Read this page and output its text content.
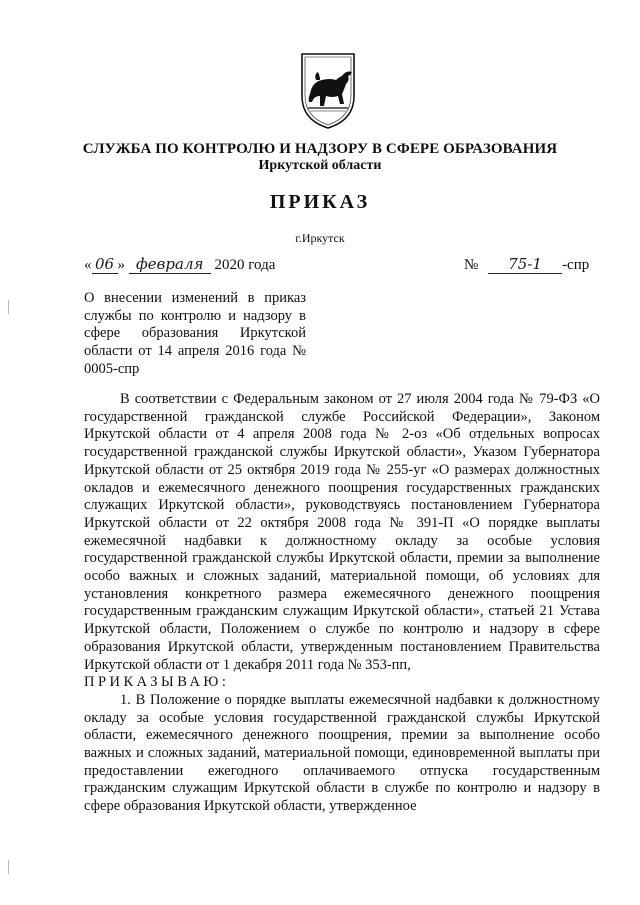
СЛУЖБА ПО КОНТРОЛЮ И НАДЗОРУ В СФЕРЕ ОБРАЗОВАНИЯ
Иркутской области
ПРИКАЗ
г.Иркутск
« 06 » февраля 2020 года	№ 75-1 -спр
О внесении изменений в приказ службы по контролю и надзору в сфере образования Иркутской области от 14 апреля 2016 года № 0005-спр

В соответствии с Федеральным законом от 27 июля 2004 года № 79-ФЗ «О государственной гражданской службе Российской Федерации», Законом Иркутской области от 4 апреля 2008 года № 2-оз «Об отдельных вопросах государственной гражданской службы Иркутской области», Указом Губернатора Иркутской области от 25 октября 2019 года № 255-уг «О размерах должностных окладов и ежемесячного денежного поощрения государственных гражданских служащих Иркутской области», руководствуясь постановлением Губернатора Иркутской области от 22 октября 2008 года № 391-П «О порядке выплаты ежемесячной надбавки к должностному окладу за особые условия государственной гражданской службы Иркутской области, премии за выполнение особо важных и сложных заданий, материальной помощи, об условиях для установления конкретного размера ежемесячного денежного поощрения государственным гражданским служащим Иркутской области», статьей 21 Устава Иркутской области, Положением о службе по контролю и надзору в сфере образования Иркутской области, утвержденным постановлением Правительства Иркутской области от 1 декабря 2011 года № 353-пп,

ПРИКАЗЫВАЮ:

1. В Положение о порядке выплаты ежемесячной надбавки к должностному окладу за особые условия государственной гражданской службы Иркутской области, ежемесячного денежного поощрения, премии за выполнение особо важных и сложных заданий, материальной помощи, единовременной выплаты при предоставлении ежегодного оплачиваемого отпуска государственным гражданским служащим Иркутской области в службе по контролю и надзору в сфере образования Иркутской области, утвержденное
